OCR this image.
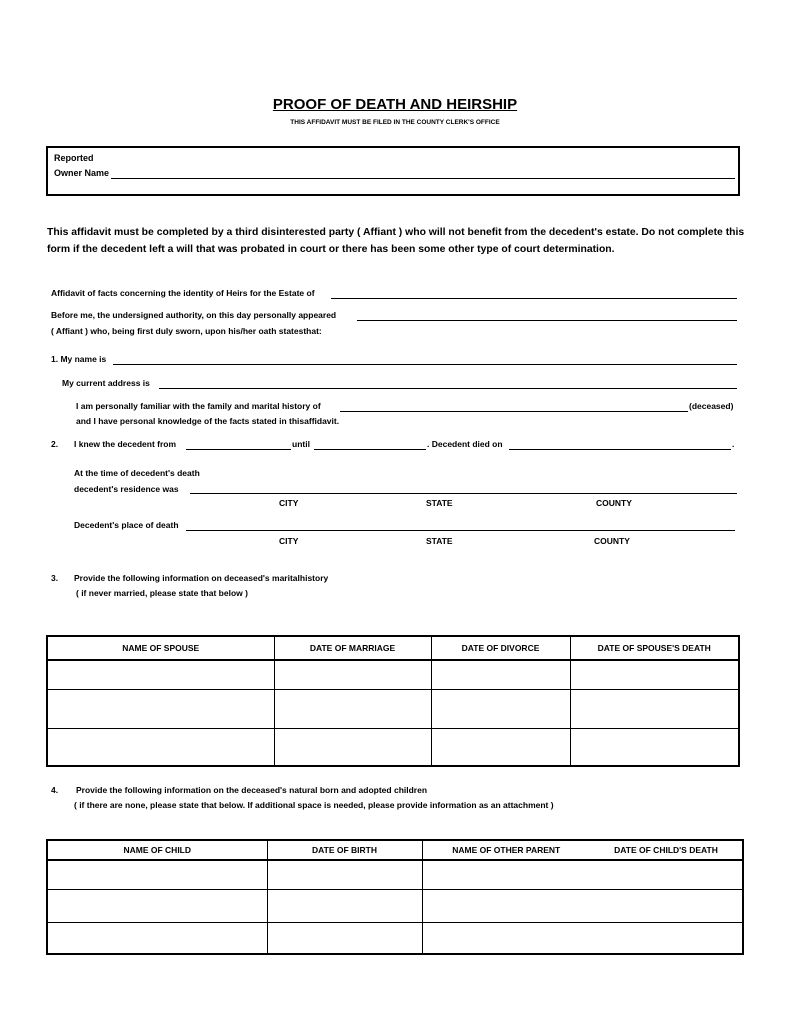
PROOF OF DEATH AND HEIRSHIP
THIS AFFIDAVIT MUST BE FILED IN THE COUNTY CLERK'S OFFICE
Reported
Owner Name
This affidavit must be completed by a third disinterested party ( Affiant ) who will not benefit from the decedent's estate. Do not complete this form if the decedent left a will that was probated in court or there has been some other type of court determination.
Affidavit of facts concerning the identity of Heirs for the Estate of
Before me, the undersigned authority, on this day personally appeared
( Affiant ) who, being first duly sworn, upon his/her oath statesthat:
1. My name is
My current address is
I am personally familiar with the family and marital history of	(deceased)
and I have personal knowledge of the facts stated in thisaffidavit.
2. I knew the decedent from	until	. Decedent died on	.
At the time of decedent's death
decedent's residence was
CITY	STATE	COUNTY
Decedent's place of death
CITY	STATE	COUNTY
3. Provide the following information on deceased's maritalhistory
( if never married, please state that below )
NAME OF SPOUSE	DATE OF MARRIAGE	DATE OF DIVORCE	DATE OF SPOUSE'S DEATH

4. Provide the following information on the deceased's natural born and adopted children
( if there are none, please state that below. If additional space is needed, please provide information as an attachment )
NAME OF CHILD	DATE OF BIRTH	NAME OF OTHER PARENT	DATE OF CHILD'S DEATH
